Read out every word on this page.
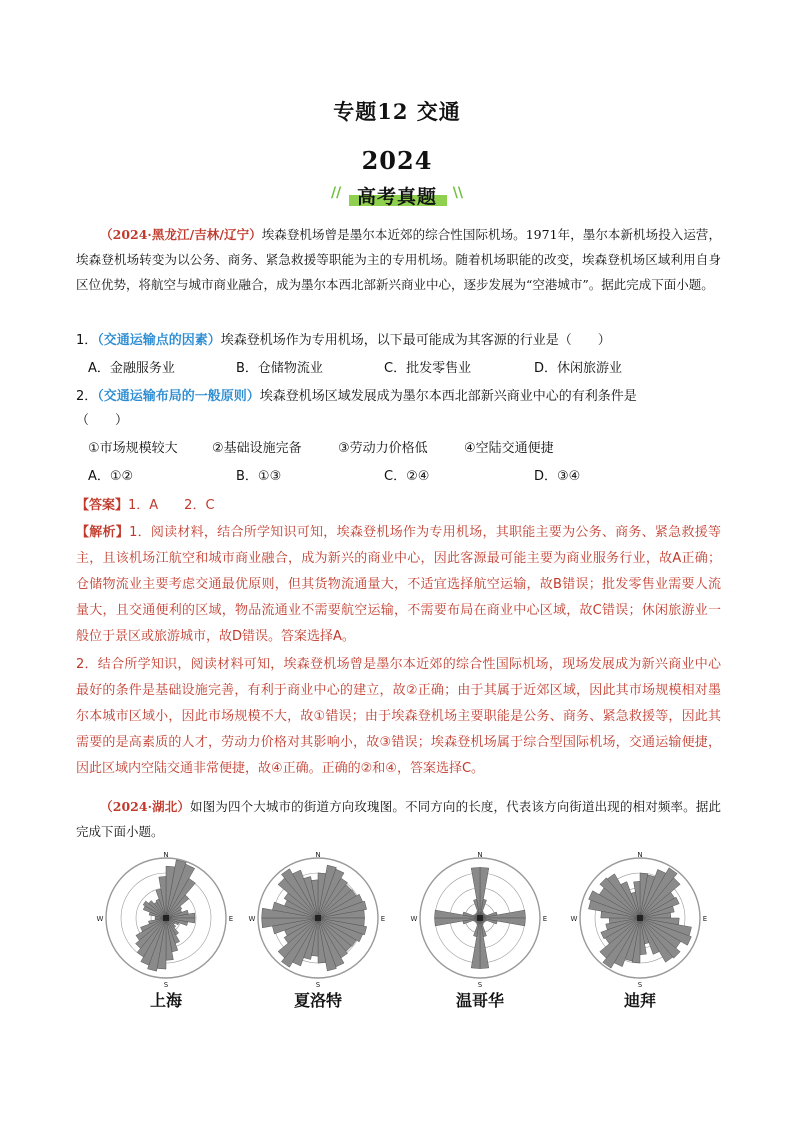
专题12 交通
2024
//	\\
高考真题
（2024·黑龙江/吉林/辽宁）埃森登机场曾是墨尔本近郊的综合性国际机场。1971年，墨尔本新机场投入运营，埃森登机场转变为以公务、商务、紧急救援等职能为主的专用机场。随着机场职能的改变，埃森登机场区域利用自身区位优势，将航空与城市商业融合，成为墨尔本西北部新兴商业中心，逐步发展为“空港城市”。据此完成下面小题。
1．（交通运输点的因素）埃森登机场作为专用机场，以下最可能成为其客源的行业是（　　）
A．金融服务业	B．仓储物流业	C．批发零售业	D．休闲旅游业
2．（交通运输布局的一般原则）埃森登机场区域发展成为墨尔本西北部新兴商业中心的有利条件是
（　　）
①市场规模较大	②基础设施完备	③劳动力价格低	④空陆交通便捷
A．①②	B．①③	C．②④	D．③④
【答案】1．A　　2．C
【解析】1．阅读材料，结合所学知识可知，埃森登机场作为专用机场，其职能主要为公务、商务、紧急救援等主，且该机场江航空和城市商业融合，成为新兴的商业中心，因此客源最可能主要为商业服务行业，故A正确；仓储物流业主要考虑交通最优原则，但其货物流通量大，不适宜选择航空运输，故B错误；批发零售业需要人流量大，且交通便利的区域，物品流通业不需要航空运输，不需要布局在商业中心区域，故C错误；休闲旅游业一般位于景区或旅游城市，故D错误。答案选择A。
2．结合所学知识，阅读材料可知，埃森登机场曾是墨尔本近郊的综合性国际机场，现场发展成为新兴商业中心最好的条件是基础设施完善，有利于商业中心的建立，故②正确；由于其属于近郊区域，因此其市场规模相对墨尔本城市区域小，因此市场规模不大，故①错误；由于埃森登机场主要职能是公务、商务、紧急救援等，因此其需要的是高素质的人才，劳动力价格对其影响小，故③错误；埃森登机场属于综合型国际机场，交通运输便捷，因此区域内空陆交通非常便捷，故④正确。正确的②和④，答案选择C。
（2024·湖北）如图为四个大城市的街道方向玫瑰图。不同方向的长度，代表该方向街道出现的相对频率。据此完成下面小题。
N
S
E
W
上海
N
S
E
W
夏洛特
N
S
E
W
温哥华
N
S
E
W
迪拜
